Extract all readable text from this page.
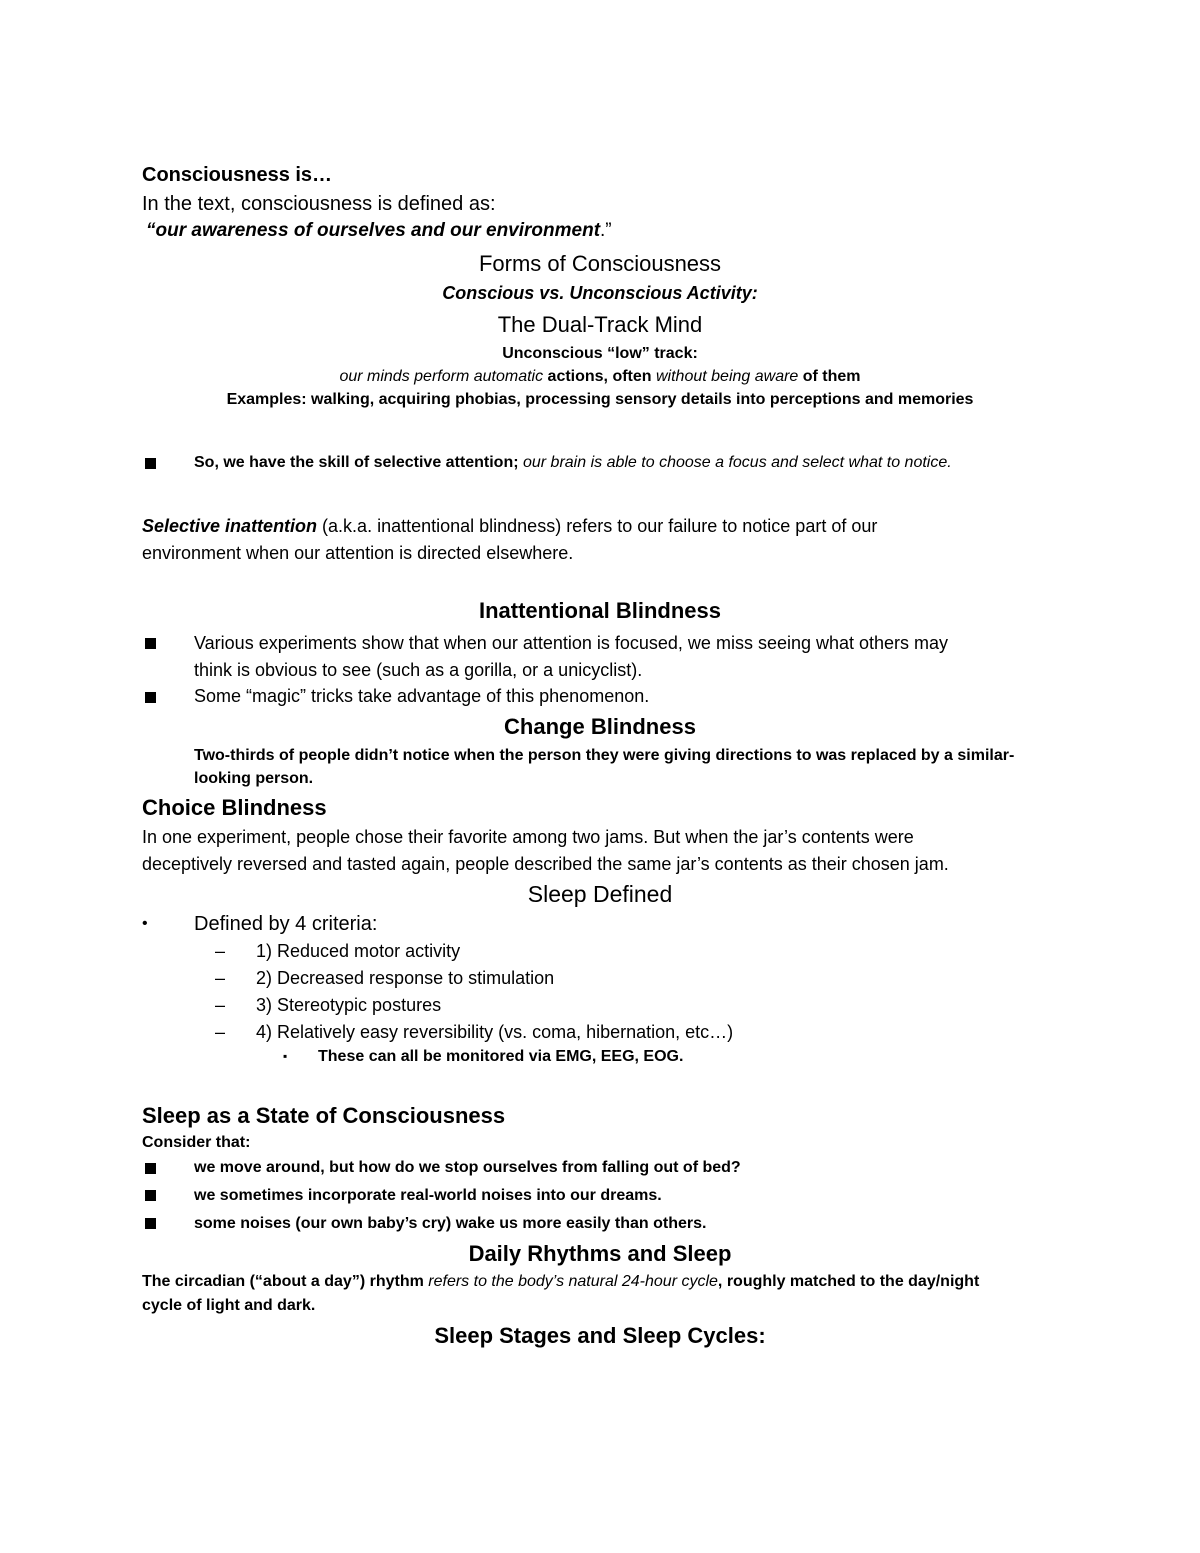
Consciousness is…
In the text, consciousness is defined as:
“our awareness of ourselves and our environment.”
Forms of Consciousness
Conscious vs. Unconscious Activity:
The Dual-Track Mind
Unconscious “low” track:
our minds perform automatic actions, often without being aware of them
Examples: walking, acquiring phobias, processing sensory details into perceptions and memories
So, we have the skill of selective attention; our brain is able to choose a focus and select what to notice.
Selective inattention (a.k.a. inattentional blindness) refers to our failure to notice part of our
environment when our attention is directed elsewhere.
Inattentional Blindness
Various experiments show that when our attention is focused, we miss seeing what others may
think is obvious to see (such as a gorilla, or a unicyclist).
Some “magic” tricks take advantage of this phenomenon.
Change Blindness
Two-thirds of people didn’t notice when the person they were giving directions to was replaced by a similar-
looking person.
Choice Blindness
In one experiment, people chose their favorite among two jams. But when the jar’s contents were
deceptively reversed and tasted again, people described the same jar’s contents as their chosen jam.
Sleep Defined
• Defined by 4 criteria:
– 1) Reduced motor activity
– 2) Decreased response to stimulation
– 3) Stereotypic postures
– 4) Relatively easy reversibility (vs. coma, hibernation, etc…)
▪ These can all be monitored via EMG, EEG, EOG.
Sleep as a State of Consciousness
Consider that:
we move around, but how do we stop ourselves from falling out of bed?
we sometimes incorporate real-world noises into our dreams.
some noises (our own baby’s cry) wake us more easily than others.
Daily Rhythms and Sleep
The circadian (“about a day”) rhythm refers to the body’s natural 24-hour cycle, roughly matched to the day/night
cycle of light and dark.
Sleep Stages and Sleep Cycles:
